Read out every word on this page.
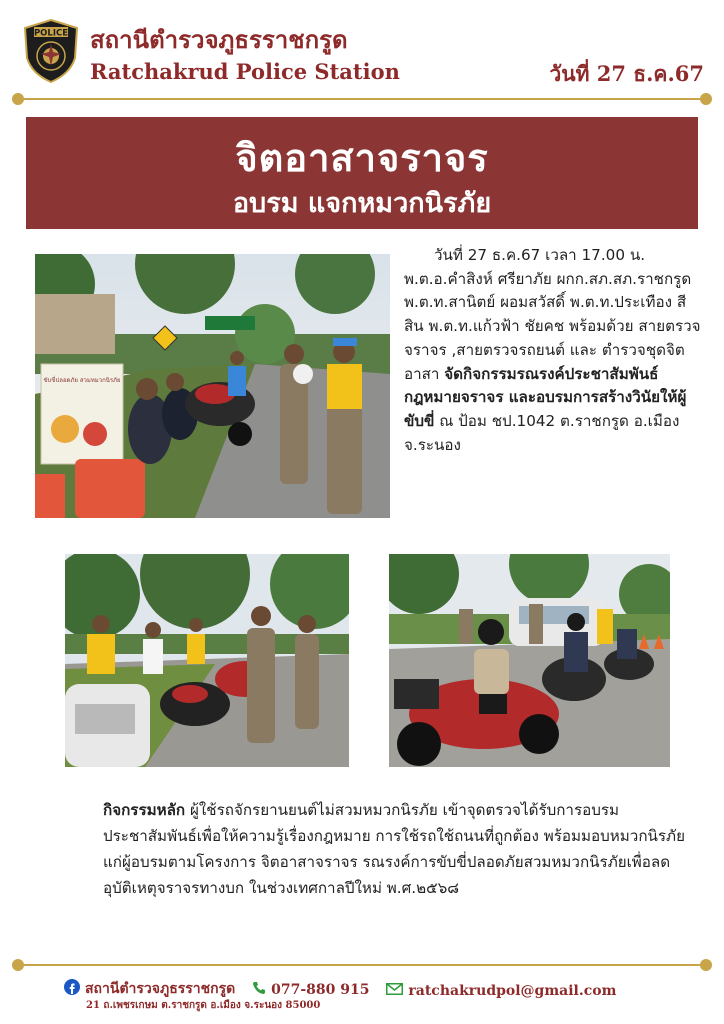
POLICE สถานีตำรวจภูธรราชกรูด
Ratchakrud Police Station	วันที่ 27 ธ.ค.67
จิตอาสาจราจร
อบรม แจกหมวกนิรภัย
ขับขี่ปลอดภัย สวมหมวกนิรภัย
วันที่ 27 ธ.ค.67 เวลา 17.00 น. พ.ต.อ.คำสิงห์ ศรียาภัย ผกก.สภ.สภ.ราชกรูด พ.ต.ท.สานิตย์ ผอมสวัสดิ์ พ.ต.ท.ประเทือง สีสิน พ.ต.ท.แก้วฟ้า ชัยคช พร้อมด้วย สายตรวจจราจร ,สายตรวจรถยนต์ และ ตำรวจชุดจิตอาสา จัดกิจกรรมรณรงค์ประชาสัมพันธ์ กฎหมายจราจร และอบรมการสร้างวินัยให้ผู้ขับขี่ ณ ป้อม ชป.1042 ต.ราชกรูด อ.เมือง จ.ระนอง
กิจกรรมหลัก ผู้ใช้รถจักรยานยนต์ไม่สวมหมวกนิรภัย เข้าจุดตรวจได้รับการอบรมประชาสัมพันธ์เพื่อให้ความรู้เรื่องกฎหมาย การใช้รถใช้ถนนที่ถูกต้อง พร้อมมอบหมวกนิรภัยแก่ผู้อบรมตามโครงการ จิตอาสาจราจร รณรงค์การขับขี่ปลอดภัยสวมหมวกนิรภัยเพื่อลดอุบัติเหตุจราจรทางบก ในช่วงเทศกาลปีใหม่ พ.ศ.๒๕๖๘
สถานีตำรวจภูธรราชกรูด
	077-880 915
	ratchakrudpol@gmail.com
21 ถ.เพชรเกษม ต.ราชกรูด อ.เมือง จ.ระนอง 85000
